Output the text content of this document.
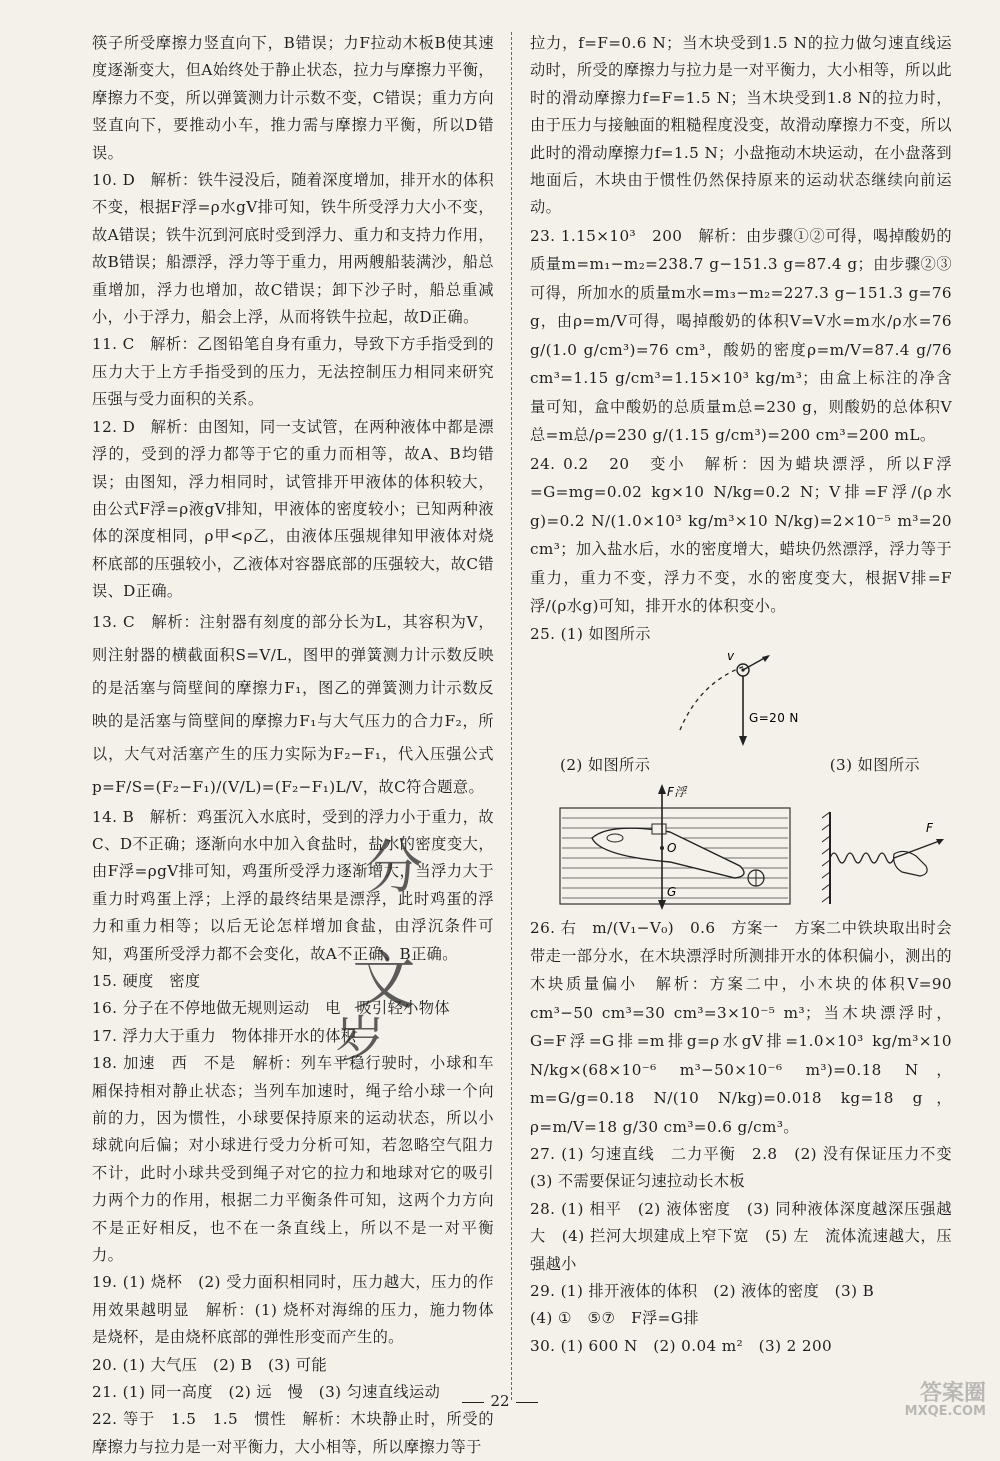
筷子所受摩擦力竖直向下，B错误；力F拉动木板B使其速度逐渐变大，但A始终处于静止状态，拉力与摩擦力平衡，摩擦力不变，所以弹簧测力计示数不变，C错误；重力方向竖直向下，要推动小车，推力需与摩擦力平衡，所以D错误。

10. D　解析：铁牛浸没后，随着深度增加，排开水的体积不变，根据F浮=ρ水gV排可知，铁牛所受浮力大小不变，故A错误；铁牛沉到河底时受到浮力、重力和支持力作用，故B错误；船漂浮，浮力等于重力，用两艘船装满沙，船总重增加，浮力也增加，故C错误；卸下沙子时，船总重减小，小于浮力，船会上浮，从而将铁牛拉起，故D正确。

11. C　解析：乙图铅笔自身有重力，导致下方手指受到的压力大于上方手指受到的压力，无法控制压力相同来研究压强与受力面积的关系。

12. D　解析：由图知，同一支试管，在两种液体中都是漂浮的，受到的浮力都等于它的重力而相等，故A、B均错误；由图知，浮力相同时，试管排开甲液体的体积较大，由公式F浮=ρ液gV排知，甲液体的密度较小；已知两种液体的深度相同，ρ甲<ρ乙，由液体压强规律知甲液体对烧杯底部的压强较小，乙液体对容器底部的压强较大，故C错误、D正确。

13. C　解析：注射器有刻度的部分长为L，其容积为V，则注射器的横截面积S=V/L，图甲的弹簧测力计示数反映的是活塞与筒壁间的摩擦力F₁，图乙的弹簧测力计示数反映的是活塞与筒壁间的摩擦力F₁与大气压力的合力F₂，所以，大气对活塞产生的压力实际为F₂−F₁，代入压强公式 p=F/S=(F₂−F₁)/(V/L)=(F₂−F₁)L/V，故C符合题意。

14. B　解析：鸡蛋沉入水底时，受到的浮力小于重力，故C、D不正确；逐渐向水中加入食盐时，盐水的密度变大，由F浮=ρgV排可知，鸡蛋所受浮力逐渐增大，当浮力大于重力时鸡蛋上浮；上浮的最终结果是漂浮，此时鸡蛋的浮力和重力相等；以后无论怎样增加食盐，由浮沉条件可知，鸡蛋所受浮力都不会变化，故A不正确、B正确。

15. 硬度　密度

16. 分子在不停地做无规则运动　电　吸引轻小物体

17. 浮力大于重力　物体排开水的体积

18. 加速　西　不是　解析：列车平稳行驶时，小球和车厢保持相对静止状态；当列车加速时，绳子给小球一个向前的力，因为惯性，小球要保持原来的运动状态，所以小球就向后偏；对小球进行受力分析可知，若忽略空气阻力不计，此时小球共受到绳子对它的拉力和地球对它的吸引力两个力的作用，根据二力平衡条件可知，这两个力方向不是正好相反，也不在一条直线上，所以不是一对平衡力。

19. (1) 烧杯　(2) 受力面积相同时，压力越大，压力的作用效果越明显　解析：(1) 烧杯对海绵的压力，施力物体是烧杯，是由烧杯底部的弹性形变而产生的。

20. (1) 大气压　(2) B　(3) 可能

21. (1) 同一高度　(2) 远　慢　(3) 匀速直线运动

22. 等于　1.5　1.5　惯性　解析：木块静止时，所受的摩擦力与拉力是一对平衡力，大小相等，所以摩擦力等于

拉力，f=F=0.6 N；当木块受到1.5 N的拉力做匀速直线运动时，所受的摩擦力与拉力是一对平衡力，大小相等，所以此时的滑动摩擦力f=F=1.5 N；当木块受到1.8 N的拉力时，由于压力与接触面的粗糙程度没变，故滑动摩擦力不变，所以此时的滑动摩擦力f=1.5 N；小盘拖动木块运动，在小盘落到地面后，木块由于惯性仍然保持原来的运动状态继续向前运动。

23. 1.15×10³　200　解析：由步骤①②可得，喝掉酸奶的质量m=m₁−m₂=238.7 g−151.3 g=87.4 g；由步骤②③可得，所加水的质量m水=m₃−m₂=227.3 g−151.3 g=76 g，由ρ=m/V可得，喝掉酸奶的体积V=V水=m水/ρ水=76 g/(1.0 g/cm³)=76 cm³，酸奶的密度ρ=m/V=87.4 g/76 cm³=1.15 g/cm³=1.15×10³ kg/m³；由盒上标注的净含量可知，盒中酸奶的总质量m总=230 g，则酸奶的总体积V总=m总/ρ=230 g/(1.15 g/cm³)=200 cm³=200 mL。

24. 0.2　20　变小　解析：因为蜡块漂浮，所以F浮=G=mg=0.02 kg×10 N/kg=0.2 N；V排=F浮/(ρ水g)=0.2 N/(1.0×10³ kg/m³×10 N/kg)=2×10⁻⁵ m³=20 cm³；加入盐水后，水的密度增大，蜡块仍然漂浮，浮力等于重力，重力不变，浮力不变，水的密度变大，根据V排=F浮/(ρ水g)可知，排开水的体积变小。

25. (1) 如图所示

v
G=20 N
(2) 如图所示	(3) 如图所示
F浮
O
G
F

26. 右　m/(V₁−V₀)　0.6　方案一　方案二中铁块取出时会带走一部分水，在木块漂浮时所测排开水的体积偏小，测出的木块质量偏小　解析：方案二中，小木块的体积V=90 cm³−50 cm³=30 cm³=3×10⁻⁵ m³；当木块漂浮时，G=F浮=G排=m排g=ρ水gV排=1.0×10³ kg/m³×10 N/kg×(68×10⁻⁶ m³−50×10⁻⁶ m³)=0.18 N，m=G/g=0.18 N/(10 N/kg)=0.018 kg=18 g，ρ=m/V=18 g/30 cm³=0.6 g/cm³。

27. (1) 匀速直线　二力平衡　2.8　(2) 没有保证压力不变　(3) 不需要保证匀速拉动长木板

28. (1) 相平　(2) 液体密度　(3) 同种液体深度越深压强越大　(4) 拦河大坝建成上窄下宽　(5) 左　流体流速越大，压强越小

29. (1) 排开液体的体积　(2) 液体的密度　(3) B

(4) ①　⑤⑦　F浮=G排

30. (1) 600 N　(2) 0.04 m²　(3) 2 200

分
文
岁
22	答案圈
MXQE.COM
